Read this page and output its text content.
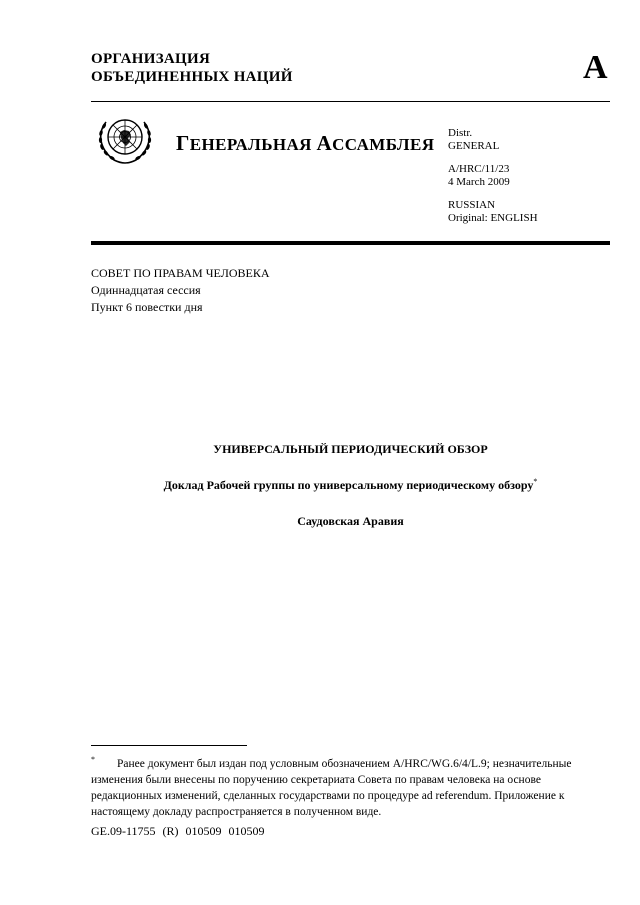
ОРГАНИЗАЦИЯ
ОБЪЕДИНЕННЫХ НАЦИЙ	A
ГЕНЕРАЛЬНАЯ АССАМБЛЕЯ
Distr.
GENERAL
A/HRC/11/23
4 March 2009
RUSSIAN
Original: ENGLISH
СОВЕТ ПО ПРАВАМ ЧЕЛОВЕКА
Одиннадцатая сессия
Пункт 6 повестки дня
УНИВЕРСАЛЬНЫЙ ПЕРИОДИЧЕСКИЙ ОБЗОР
Доклад Рабочей группы по универсальному периодическому обзору*
Саудовская Аравия
* Ранее документ был издан под условным обозначением A/HRC/WG.6/4/L.9; незначительные изменения были внесены по поручению секретариата Совета по правам человека на основе редакционных изменений, сделанных государствами по процедуре ad referendum. Приложение к настоящему докладу распространяется в полученном виде.
GE.09-11755 (R) 010509 010509
